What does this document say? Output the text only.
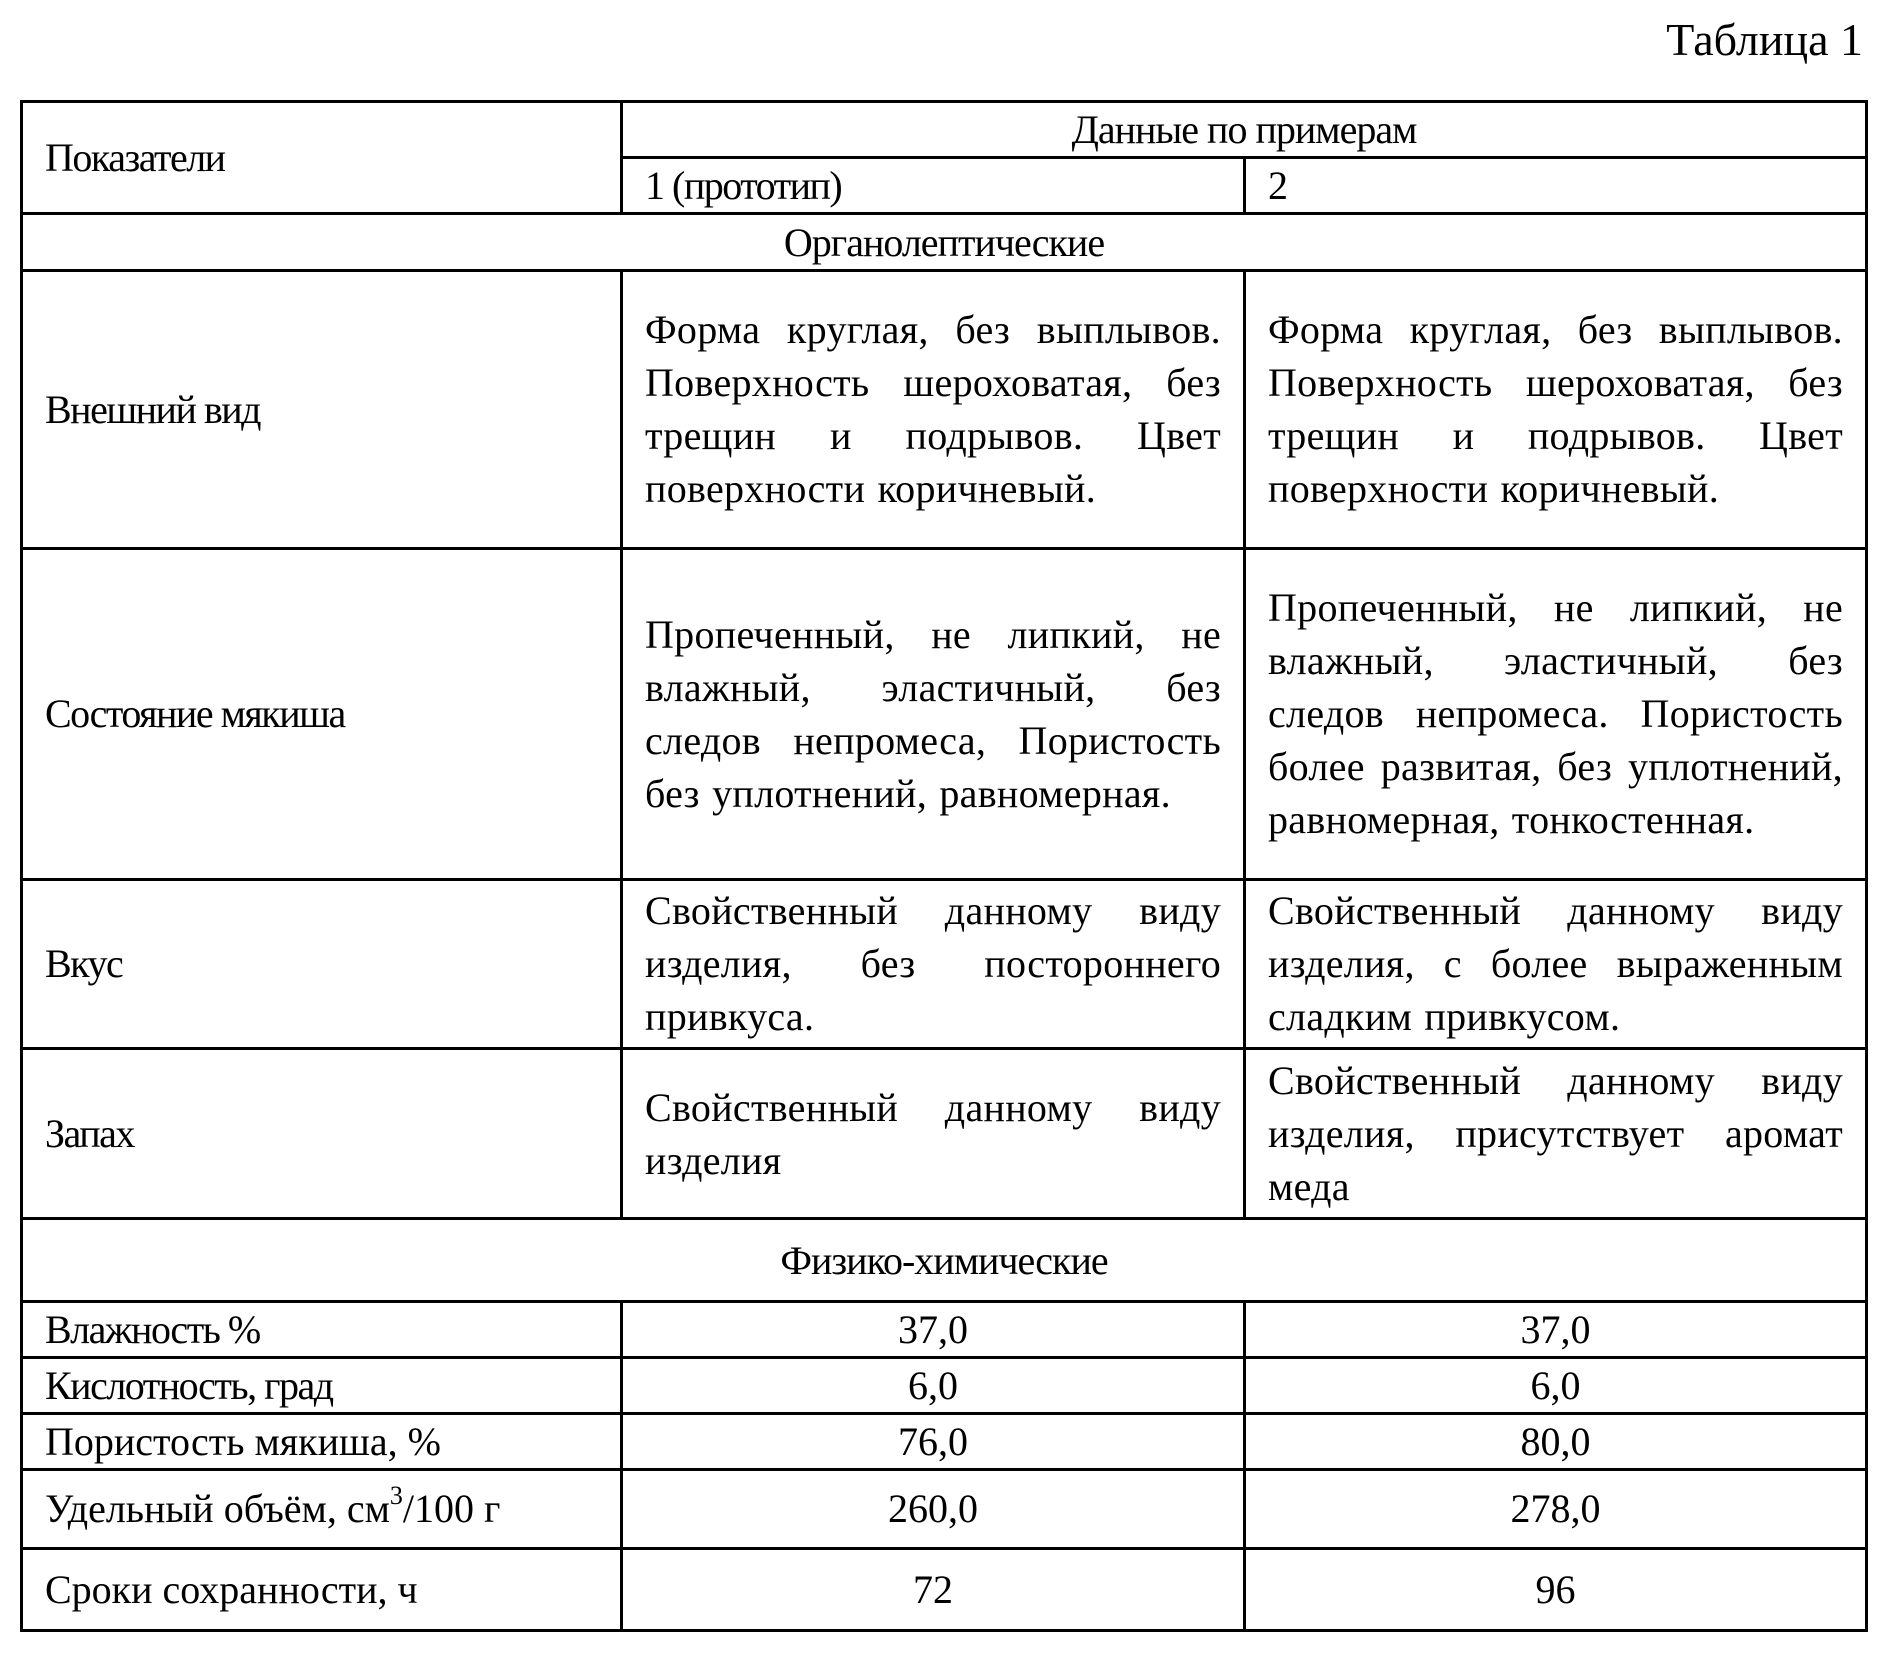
Таблица 1
Показатели	Данные по примерам	
	1 (прототип)	2
Органолептические		
Внешний вид	Форма круглая, без выплывов. Поверхность шероховатая, без трещин и подрывов. Цвет поверхности коричневый.	Форма круглая, без выплывов. Поверхность шероховатая, без трещин и подрывов. Цвет поверхности коричневый.
Состояние мякиша	Пропеченный, не липкий, не влажный, эластичный, без следов непромеса, Пористость без уплотнений, равномерная.	Пропеченный, не липкий, не влажный, эластичный, без следов непромеса. Пористость более развитая, без уплотнений, равномерная, тонкостенная.
Вкус	Свойственный данному виду изделия, без постороннего привкуса.	Свойственный данному виду изделия, с более выраженным сладким привкусом.
Запах	Свойственный данному виду изделия	Свойственный данному виду изделия, присутствует аромат меда
Физико-химические		
Влажность %	37,0	37,0
Кислотность, град	6,0	6,0
Пористость мякиша, %	76,0	80,0
Удельный объём, $см^3/100$ г	260,0	278,0
Сроки сохранности, ч	72	96
